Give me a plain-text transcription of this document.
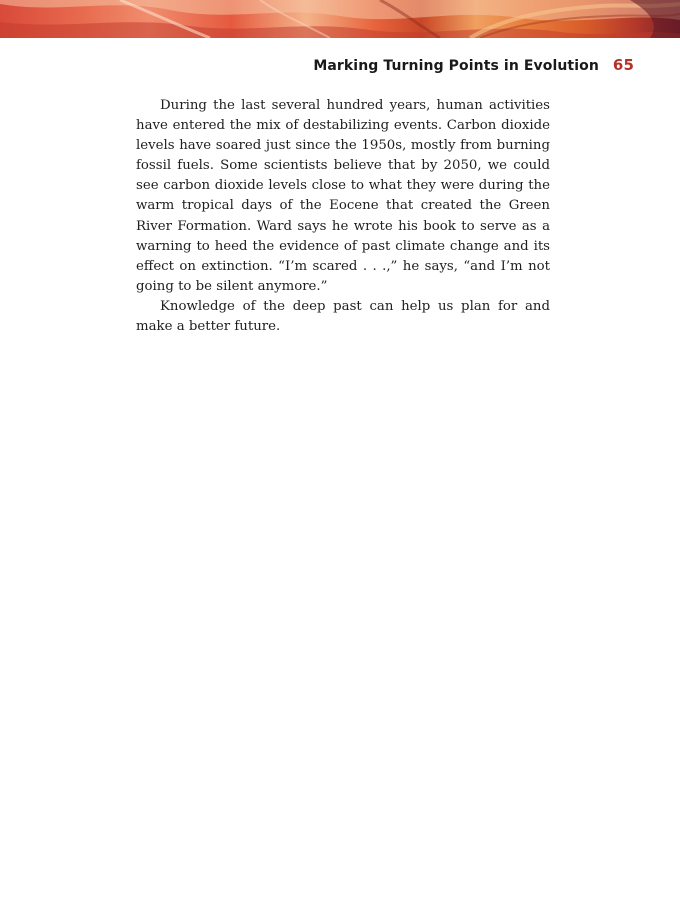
Marking Turning Points in Evolution 65

During the last several hundred years, human activities have entered the mix of destabilizing events. Carbon dioxide levels have soared just since the 1950s, mostly from burning fossil fuels. Some scientists believe that by 2050, we could see carbon dioxide levels close to what they were during the warm tropical days of the Eocene that created the Green River Formation. Ward says he wrote his book to serve as a warning to heed the evidence of past climate change and its effect on extinction. “I’m scared . . .,” he says, “and I’m not going to be silent anymore.”

Knowledge of the deep past can help us plan for and make a better future.
